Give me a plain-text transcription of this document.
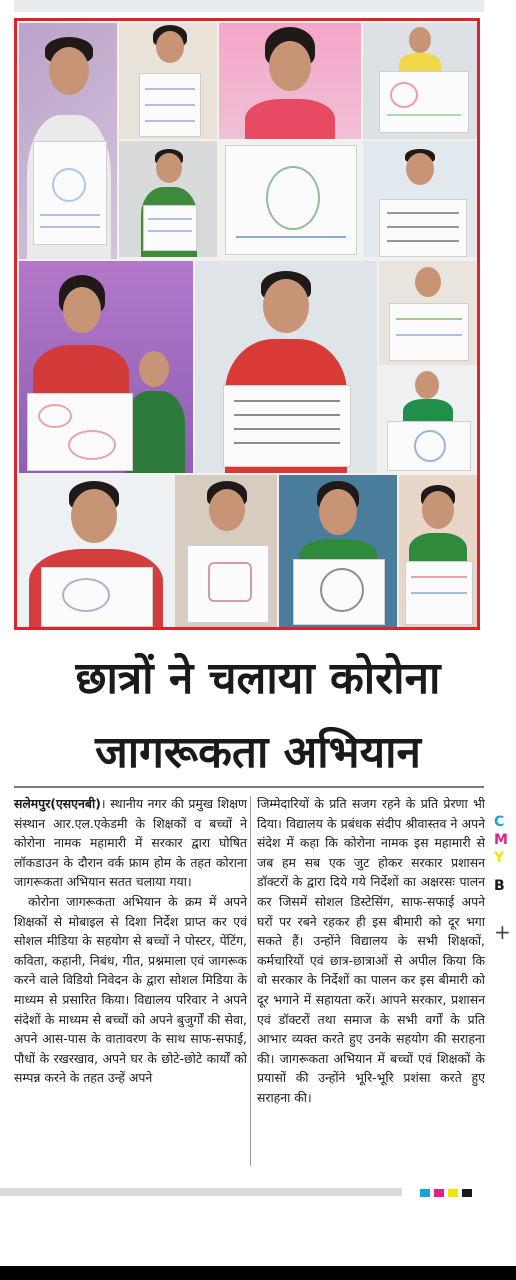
छात्रों ने चलाया कोरोना
जागरूकता अभियान

सलेमपुर(एसएनबी)। स्थानीय नगर की प्रमुख शिक्षण संस्थान आर.एल.एकेडमी के शिक्षकों व बच्चों ने कोरोना नामक महामारी में सरकार द्वारा घोषित लॉकडाउन के दौरान वर्क फ्राम होम के तहत कोराना जागरूकता अभियान सतत चलाया गया।

कोरोना जागरूकता अभियान के क्रम में अपने शिक्षकों से मोबाइल से दिशा निर्देश प्राप्त कर एवं सोशल मीडिया के सहयोग से बच्चों ने पोस्टर, पेंटिंग, कविता, कहानी, निबंध, गीत, प्रश्नमाला एवं जागरूक करने वाले विडियो निवेदन के द्वारा सोशल मिडिया के माध्यम से प्रसारित किया। विद्यालय परिवार ने अपने संदेशों के माध्यम से बच्चों को अपने बुजुर्गों की सेवा, अपने आस-पास के वातावरण के साथ साफ-सफाई, पौधों के रखरखाव, अपने घर के छोटे-छोटे कार्यों को सम्पन्न करने के तहत उन्हें अपने

जिम्मेदारियों के प्रति सजग रहने के प्रति प्रेरणा भी दिया। विद्यालय के प्रबंधक संदीप श्रीवास्तव ने अपने संदेश में कहा कि कोरोना नामक इस महामारी से जब हम सब एक जुट होकर सरकार प्रशासन डॉक्टरों के द्वारा दिये गये निर्देशों का अक्षरसः पालन कर जिसमें सोशल डिस्टेसिंग, साफ-सफाई अपने घरों पर रबने रहकर ही इस बीमारी को दूर भगा सकते हैं। उन्होंने विद्यालय के सभी शिक्षकों, कर्मचारियों एवं छात्र-छात्राओं से अपील किया कि वो सरकार के निर्देशों का पालन कर इस बीमारी को दूर भगाने में सहायता करें। आपने सरकार, प्रशासन एवं डॉक्टरों तथा समाज के सभी वर्गों के प्रति आभार व्यक्त करते हुए उनके सहयोग की सराहना की। जागरूकता अभियान में बच्चों एवं शिक्षकों के प्रयासों की उन्होंने भूरि-भूरि प्रशंसा करते हुए सराहना की।

C
M
Y
B
+
